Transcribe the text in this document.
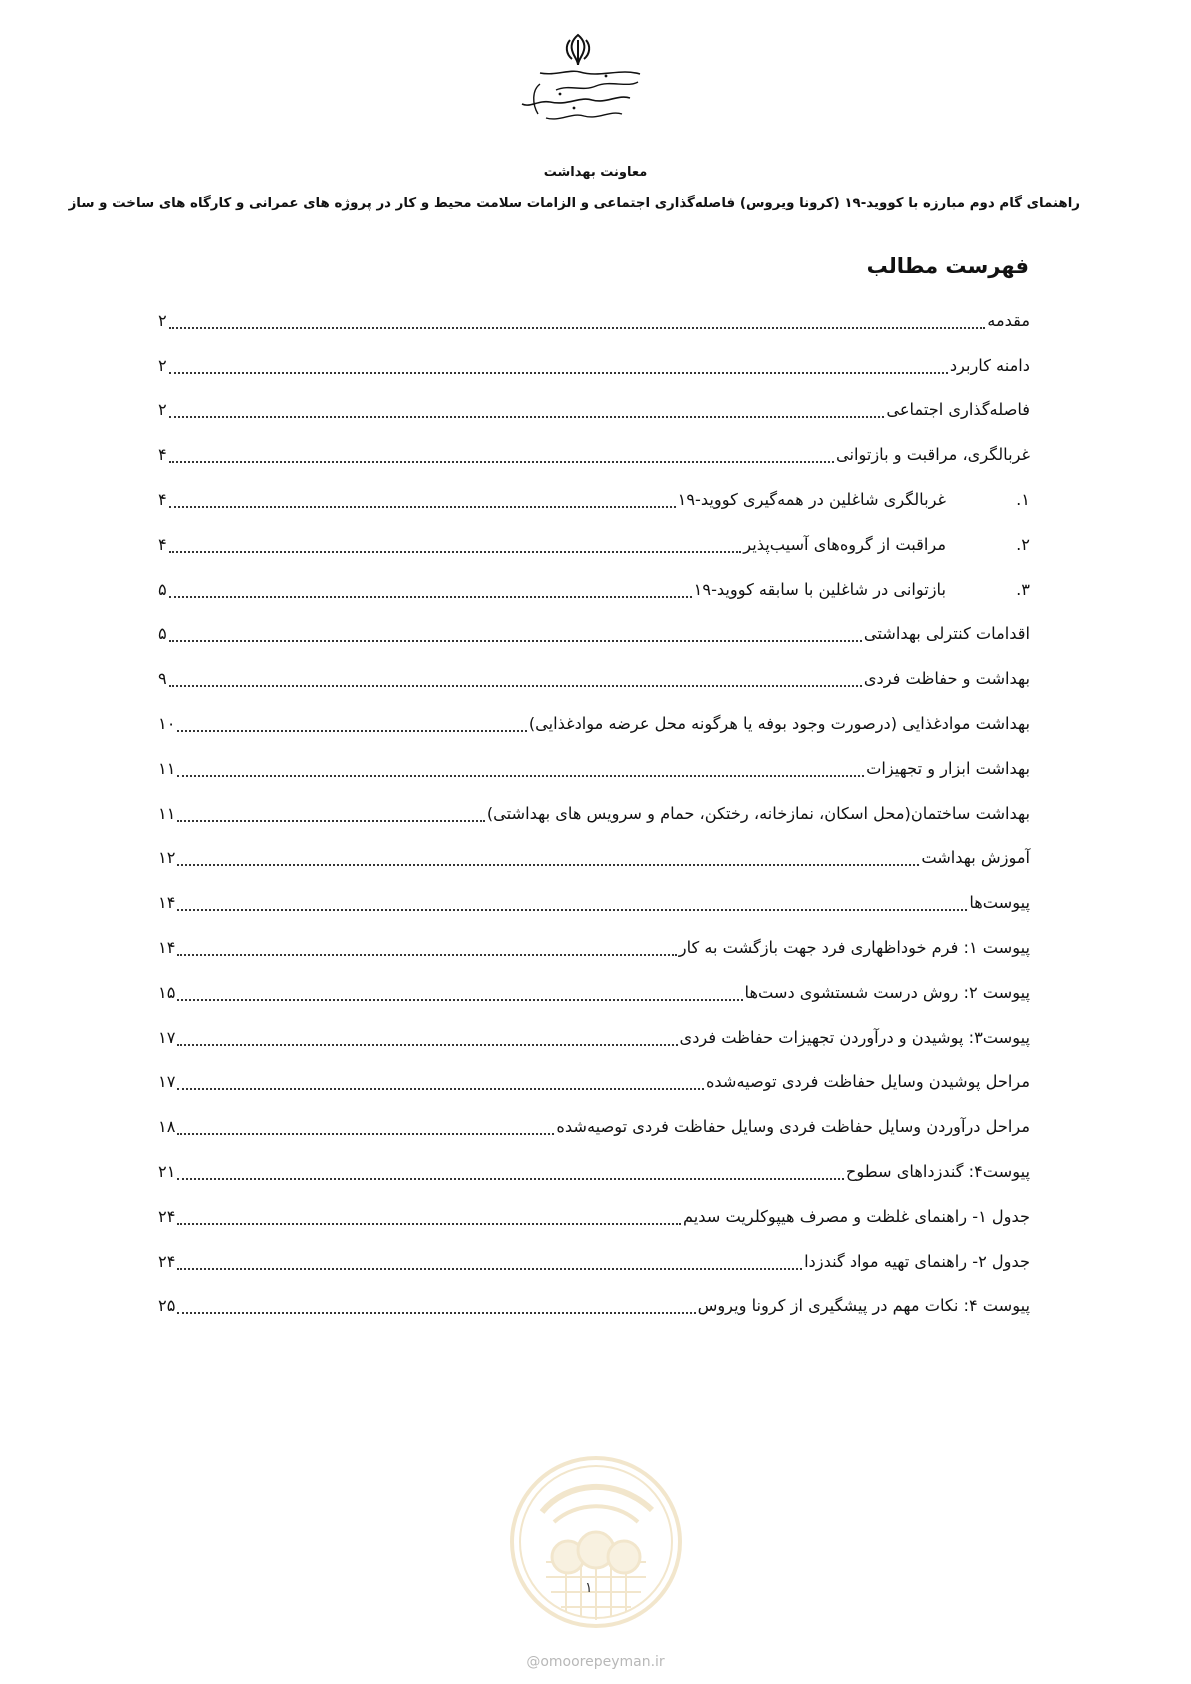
معاونت بهداشت
راهنمای گام دوم مبارزه با کووید-۱۹ (کرونا ویروس) فاصله‌گذاری اجتماعی و الزامات سلامت محیط و کار در پروژه های عمرانی و کارگاه های ساخت و ساز
فهرست مطالب
مقدمه
۲
دامنه کاربرد
۲
فاصله‌گذاری اجتماعی
۲
غربالگری، مراقبت و بازتوانی
۴
۱.
غربالگری شاغلین در همه‌گیری کووید-۱۹
۴
۲.
مراقبت از گروه‌های آسیب‌پذیر
۴
۳.
بازتوانی در شاغلین با سابقه کووید-۱۹
۵
اقدامات کنترلی بهداشتی
۵
بهداشت و حفاظت فردی
۹
بهداشت موادغذایی (درصورت وجود بوفه یا هرگونه محل عرضه موادغذایی)
۱۰
بهداشت ابزار و تجهیزات
۱۱
بهداشت ساختمان(محل اسکان، نمازخانه، رختکن، حمام و سرویس های بهداشتی)
۱۱
آموزش بهداشت
۱۲
پیوست‌ها
۱۴
پیوست ۱: فرم خوداظهاری فرد جهت بازگشت به کار
۱۴
پیوست ۲: روش درست شستشوی دست‌ها
۱۵
پیوست۳: پوشیدن و درآوردن تجهیزات حفاظت فردی
۱۷
مراحل پوشیدن وسایل حفاظت فردی توصیه‌شده
۱۷
مراحل درآوردن وسایل حفاظت فردی وسایل حفاظت فردی توصیه‌شده
۱۸
پیوست۴: گندزداهای سطوح
۲۱
جدول ۱- راهنمای غلظت و مصرف هیپوکلریت سدیم
۲۴
جدول ۲- راهنمای تهیه مواد گندزدا
۲۴
پیوست ۴: نکات مهم در پیشگیری از کرونا ویروس
۲۵
۱
@omoorepeyman.ir
